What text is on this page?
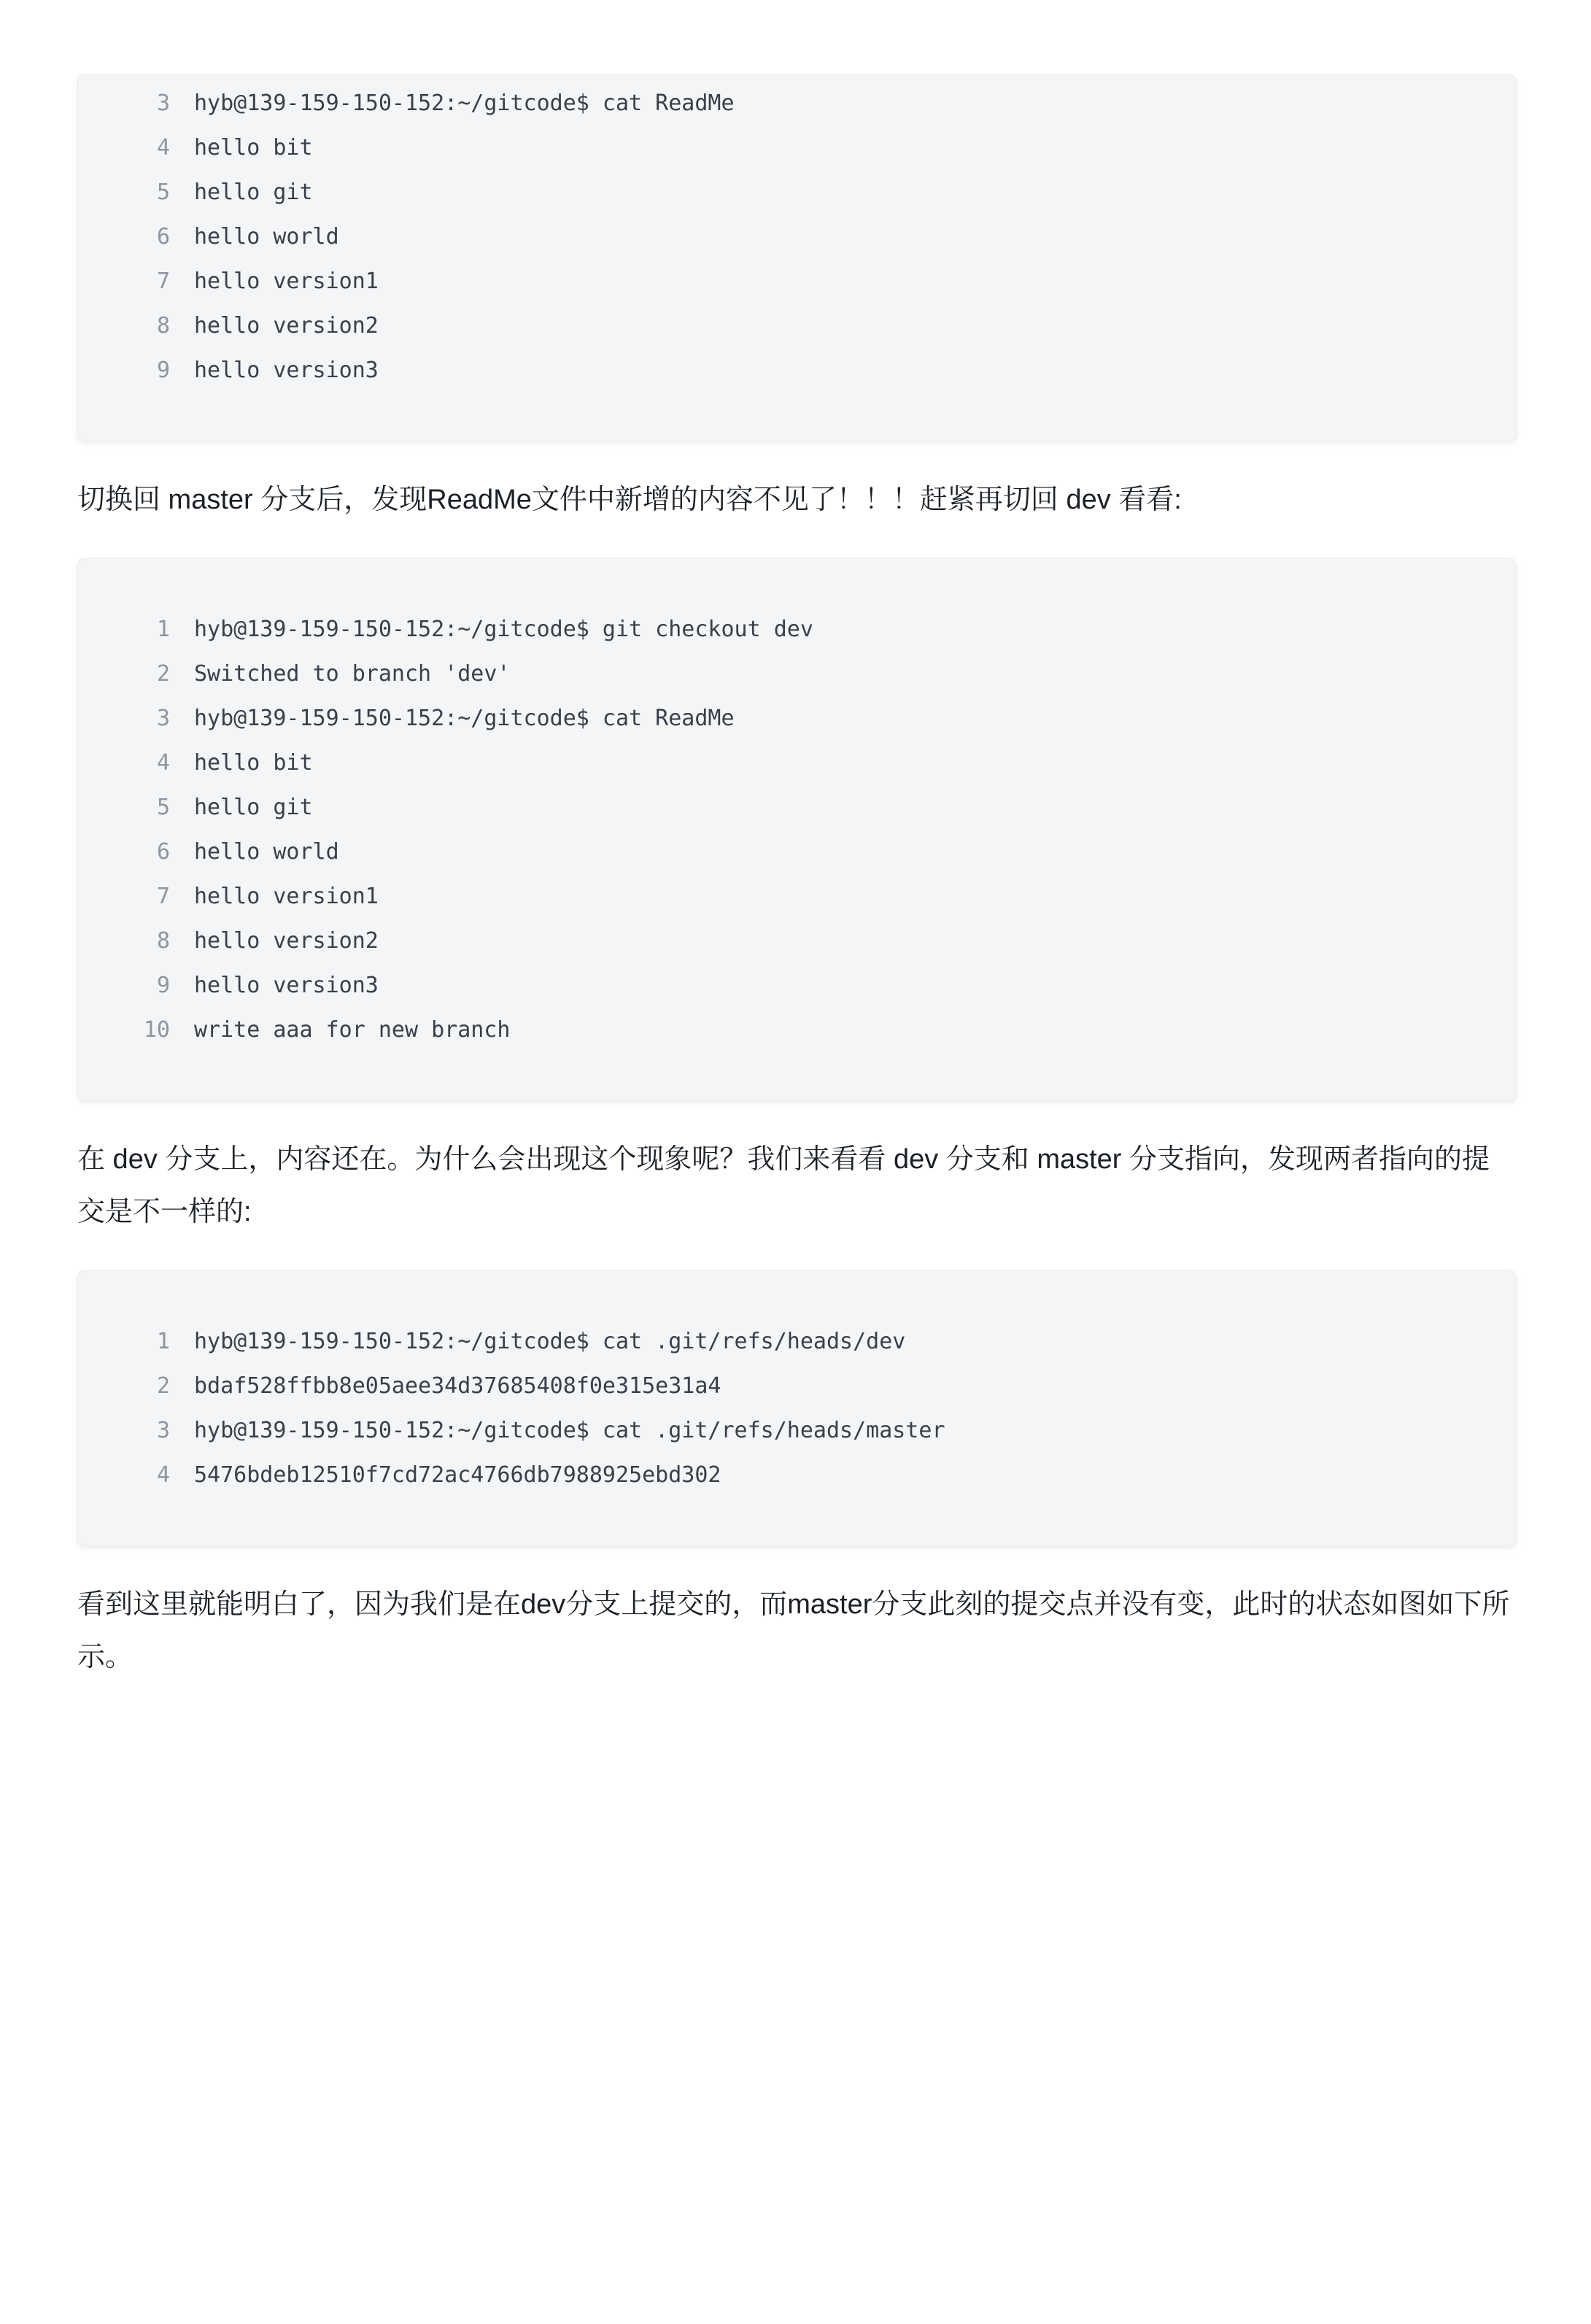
3 hyb@139-159-150-152:~/gitcode$ cat ReadMe
4 hello bit
5 hello git
6 hello world
7 hello version1
8 hello version2
9 hello version3

切换回 master 分支后，发现ReadMe文件中新增的内容不见了！！！赶紧再切回 dev 看看:

1 hyb@139-159-150-152:~/gitcode$ git checkout dev
2 Switched to branch 'dev'
3 hyb@139-159-150-152:~/gitcode$ cat ReadMe
4 hello bit
5 hello git
6 hello world
7 hello version1
8 hello version2
9 hello version3
10 write aaa for new branch

在 dev 分支上，内容还在。为什么会出现这个现象呢？我们来看看 dev 分支和 master 分支指向，发现两者指向的提交是不一样的:

1 hyb@139-159-150-152:~/gitcode$ cat .git/refs/heads/dev
2 bdaf528ffbb8e05aee34d37685408f0e315e31a4
3 hyb@139-159-150-152:~/gitcode$ cat .git/refs/heads/master
4 5476bdeb12510f7cd72ac4766db7988925ebd302

看到这里就能明白了，因为我们是在dev分支上提交的，而master分支此刻的提交点并没有变，此时的状态如图如下所示。
